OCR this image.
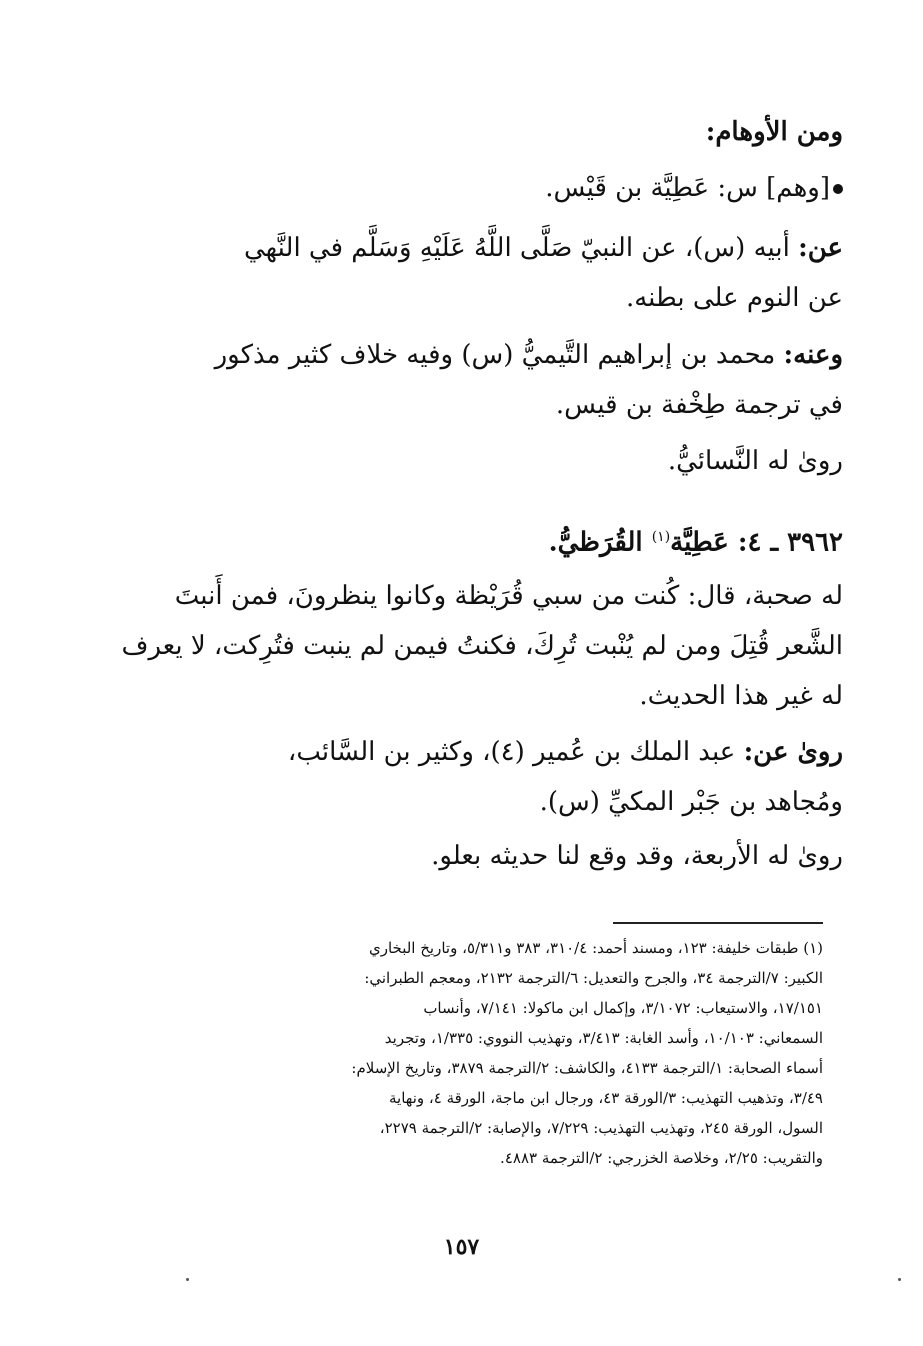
ومن الأوهام:
[وهم] س: عَطِيَّة بن قَيْس.
عن: أبيه (س)، عن النبيّ صَلَّى اللَّهُ عَلَيْهِ وَسَلَّم في النَّهي
عن النوم على بطنه.
وعنه: محمد بن إبراهيم التَّيميُّ (س) وفيه خلاف كثير مذكور
في ترجمة طِخْفة بن قيس.
روىٰ له النَّسائيُّ.
٣٩٦٢ ـ ٤: عَطِيَّة$^{(١)}$ القُرَظيُّ.
له صحبة، قال: كُنت من سبي قُرَيْظة وكانوا ينظرونَ، فمن أَنبتَ
الشَّعر قُتِلَ ومن لم يُنْبت تُرِكَ، فكنتُ فيمن لم ينبت فتُرِكت، لا يعرف
له غير هذا الحديث.
روىٰ عن: عبد الملك بن عُمير (٤)، وكثير بن السَّائب،
ومُجاهد بن جَبْر المكيِّ (س).
روىٰ له الأربعة، وقد وقع لنا حديثه بعلو.
(١) طبقات خليفة: ١٢٣، ومسند أحمد: ٣١٠/٤، ٣٨٣ و٥/٣١١، وتاريخ البخاري
الكبير: ٧/الترجمة ٣٤، والجرح والتعديل: ٦/الترجمة ٢١٣٢، ومعجم الطبراني:
١٧/١٥١، والاستيعاب: ٣/١٠٧٢، وإكمال ابن ماكولا: ٧/١٤١، وأنساب
السمعاني: ١٠/١٠٣، وأسد الغابة: ٣/٤١٣، وتهذيب النووي: ١/٣٣٥، وتجريد
أسماء الصحابة: ١/الترجمة ٤١٣٣، والكاشف: ٢/الترجمة ٣٨٧٩، وتاريخ الإسلام:
٣/٤٩، وتذهيب التهذيب: ٣/الورقة ٤٣، ورجال ابن ماجة، الورقة ٤، ونهاية
السول، الورقة ٢٤٥، وتهذيب التهذيب: ٧/٢٢٩، والإصابة: ٢/الترجمة ٢٢٧٩،
والتقريب: ٢/٢٥، وخلاصة الخزرجي: ٢/الترجمة ٤٨٨٣.
١٥٧
